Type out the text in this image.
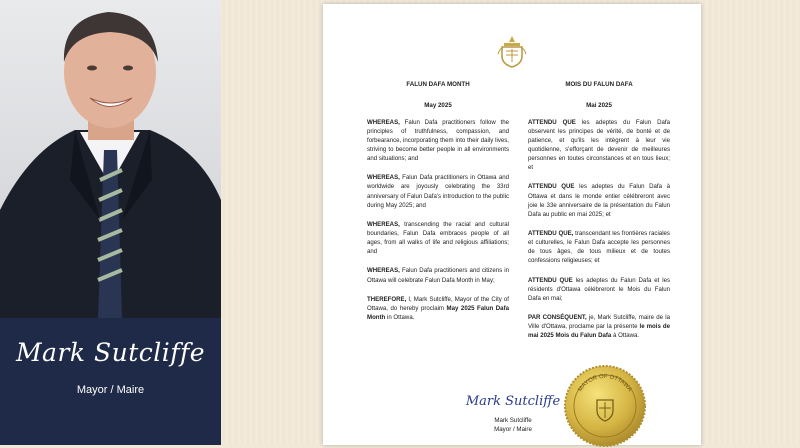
Mark Sutcliffe
Mayor / Maire
FALUN DAFA MONTH
May 2025

WHEREAS, Falun Dafa practitioners follow the principles of truthfulness, compassion, and forbearance, incorporating them into their daily lives, striving to become better people in all environments and situations; and

WHEREAS, Falun Dafa practitioners in Ottawa and worldwide are joyously celebrating the 33rd anniversary of Falun Dafa's introduction to the public during May 2025; and

WHEREAS, transcending the racial and cultural boundaries, Falun Dafa embraces people of all ages, from all walks of life and religious affiliations; and

WHEREAS, Falun Dafa practitioners and citizens in Ottawa will celebrate Falun Dafa Month in May;

THEREFORE, I, Mark Sutcliffe, Mayor of the City of Ottawa, do hereby proclaim May 2025 Falun Dafa Month in Ottawa.

MOIS DU FALUN DAFA
Mai 2025

ATTENDU QUE les adeptes du Falun Dafa observent les principes de vérité, de bonté et de patience, et qu'ils les intègrent à leur vie quotidienne, s'efforçant de devenir de meilleures personnes en toutes circonstances et en tous lieux; et

ATTENDU QUE les adeptes du Falun Dafa à Ottawa et dans le monde entier célébreront avec joie le 33e anniversaire de la présentation du Falun Dafa au public en mai 2025; et

ATTENDU QUE, transcendant les frontières raciales et culturelles, le Falun Dafa accepte les personnes de tous âges, de tous milieux et de toutes confessions religieuses; et

ATTENDU QUE les adeptes du Falun Dafa et les résidents d'Ottawa célébreront le Mois du Falun Dafa en mai;

PAR CONSÉQUENT, je, Mark Sutcliffe, maire de la Ville d'Ottawa, proclame par la présente le mois de mai 2025 Mois du Falun Dafa à Ottawa.

Mark Sutcliffe
Mark Sutcliffe
Mayor / Maire
MAYOR OF OTTAWA
